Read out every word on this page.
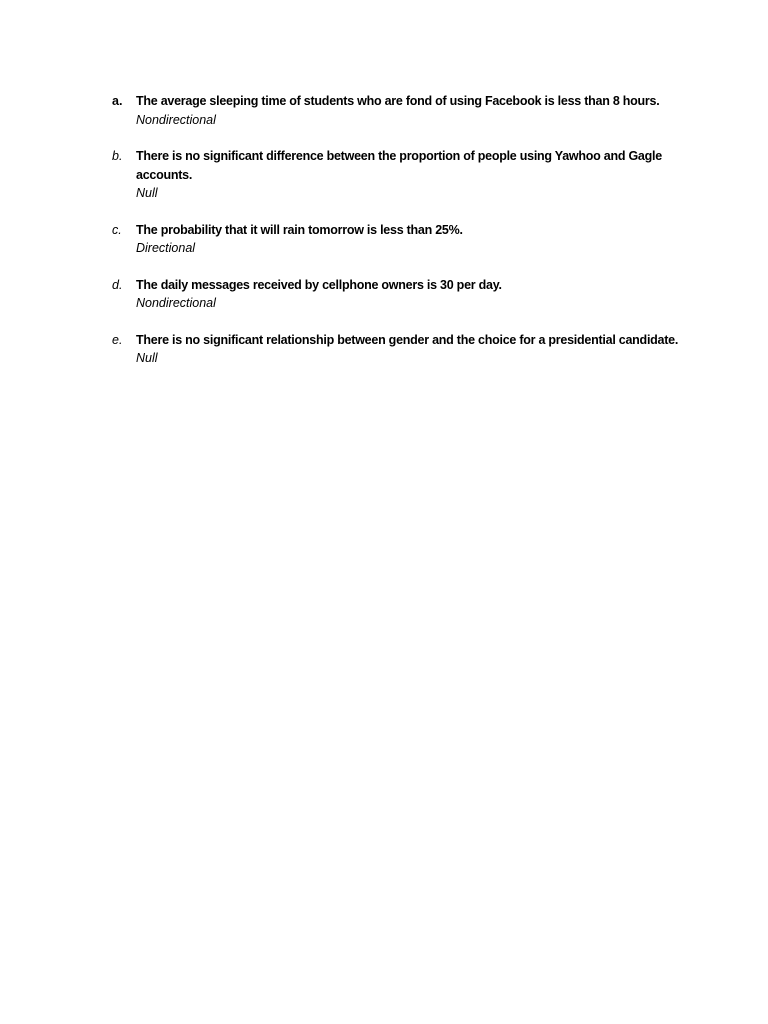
a.	The average sleeping time of students who are fond of using Facebook is less than 8 hours.
Nondirectional
b.	There is no significant difference between the proportion of people using Yawhoo and Gagle accounts.
Null
c.	The probability that it will rain tomorrow is less than 25%.
Directional
d.	The daily messages received by cellphone owners is 30 per day.
Nondirectional
e.	There is no significant relationship between gender and the choice for a presidential candidate.
Null
